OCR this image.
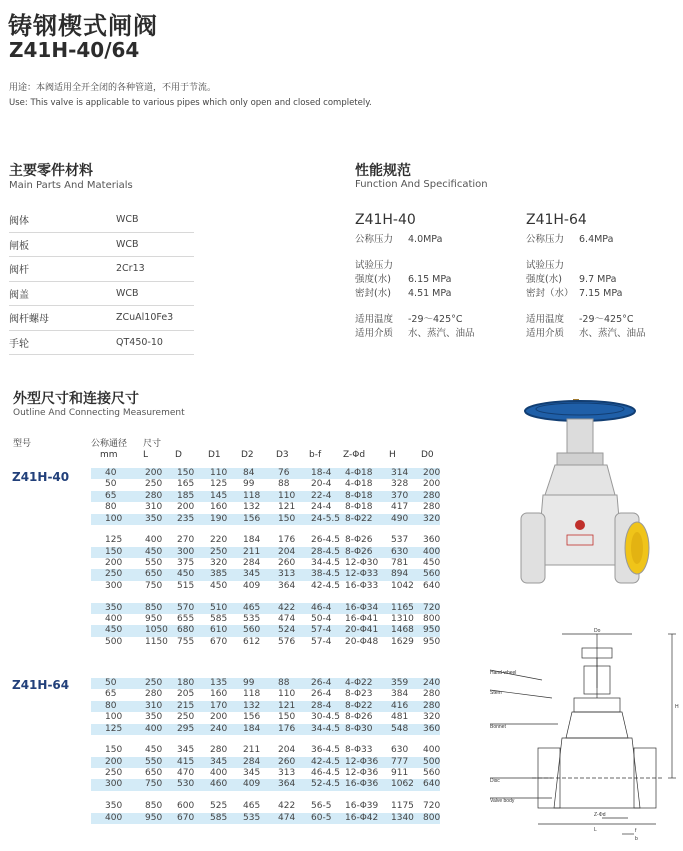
铸钢楔式闸阀
Z41H-40/64
用途：本阀适用全开全闭的各种管道，不用于节流。
Use: This valve is applicable to various pipes which only open and closed completely.
主要零件材料
Main Parts And Materials
阀体	WCB
闸板	WCB
阀杆	2Cr13
阀盖	WCB
阀杆螺母	ZCuAl10Fe3
手轮	QT450-10
性能规范
Function And Specification
Z41H-40
公称压力 4.0MPa
试验压力
强度(水) 6.15 MPa
密封(水) 4.51 MPa
适用温度 -29～425°C
适用介质 水、蒸汽、油品
Z41H-64
公称压力 6.4MPa
试验压力
强度(水) 9.7 MPa
密封（水） 7.15 MPa
适用温度 -29～425°C
适用介质 水、蒸汽、油品
外型尺寸和连接尺寸
Outline And Connecting Measurement
型号	公称通径
mm
尺寸
L	D	D1 D2 D3 b-f Z-Φd	H	D0
Z41H-40
Z41H-64
40	200 150 110 84	76 18-4 4-Φ18 314 200
50	250 165 125 99	88 20-4 4-Φ18 328 200
65	280 185 145 118 110 22-4 8-Φ18 370 280
80	310 200 160 132 121 24-4 8-Φ18 417 280
100	350 235 190 156 150 24-5.5 8-Φ22 490 320
125	400 270 220 184 176 26-4.5 8-Φ26 537 360
150	450 300 250 211 204 28-4.5 8-Φ26 630 400
200	550 375 320 284 260 34-4.5 12-Φ30 781 450
250	650 450 385 345 313 38-4.5 12-Φ33 894 560
300	750 515 450 409 364 42-4.5 16-Φ33 1042 640
350	850 570 510 465 422 46-4 16-Φ34 1165 720
400	950 655 585 535 474 50-4 16-Φ41 1310 800
450	1050 680 610 560 524 57-4 20-Φ41 1468 950
500	1150 755 670 612 576 57-4 20-Φ48 1629 950
50	250 180 135 99	88 26-4 4-Φ22 359 240
65	280 205 160 118 110 26-4 8-Φ23 384 280
80	310 215 170 132 121 28-4 8-Φ22 416 280
100	350 250 200 156 150 30-4.5 8-Φ26 481 320
125	400 295 240 184 176 34-4.5 8-Φ30 548 360
150	450 345 280 211 204 36-4.5 8-Φ33 630 400
200	550 415 345 284 260 42-4.5 12-Φ36 777 500
250	650 470 400 345 313 46-4.5 12-Φ36 911 560
300	750 530 460 409 364 52-4.5 16-Φ36 1062 640
350	850 600 525 465 422 56-5 16-Φ39 1175 720
400	950 670 585 535 474 60-5 16-Φ42 1340 800
Hand wheel
Stem
Bonnet
Disc
Valve body
Do
H
Z-Φd
L	f
b
